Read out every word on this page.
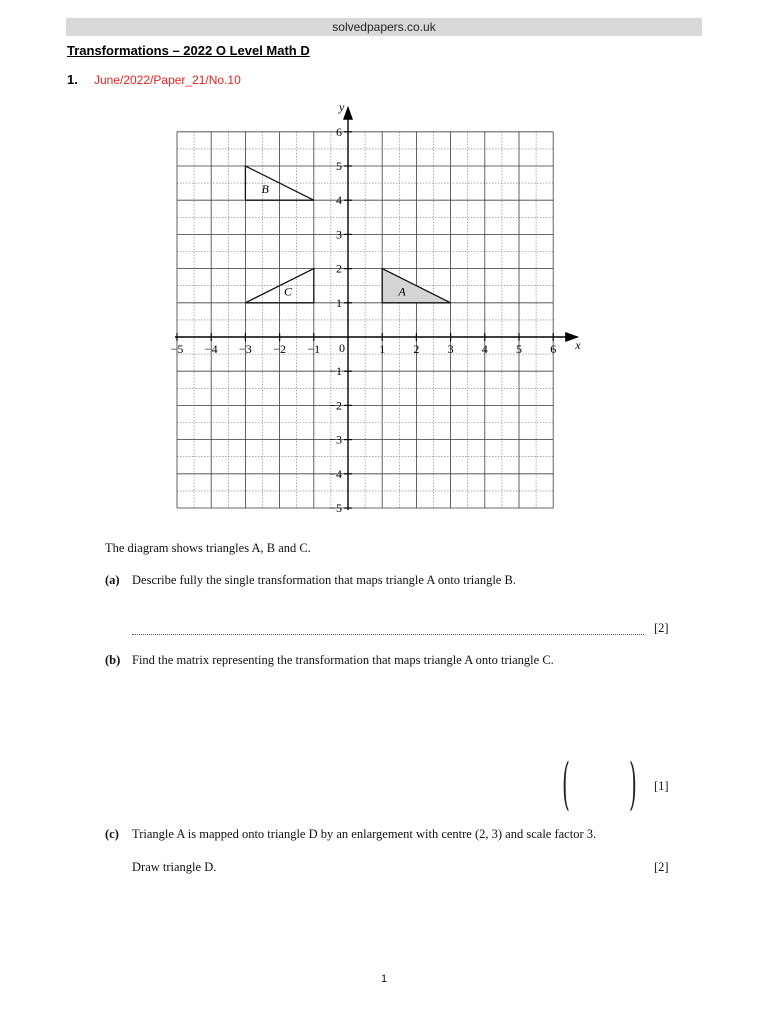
solvedpapers.co.uk
Transformations – 2022 O Level Math D
1. June/2022/Paper_21/No.10
x
y
0
−5 −4 −3 −2 −1	1 2 3 4 5 6
6
5
4
3
2
1
−1
−2
−3
−4
−5
A
B
C
The diagram shows triangles A, B and C.
(a) Describe fully the single transformation that maps triangle A onto triangle B.
[2]
(b) Find the matrix representing the transformation that maps triangle A onto triangle C.
( ) [1]
(c) Triangle A is mapped onto triangle D by an enlargement with centre (2, 3) and scale factor 3.
Draw triangle D.	[2]
1
